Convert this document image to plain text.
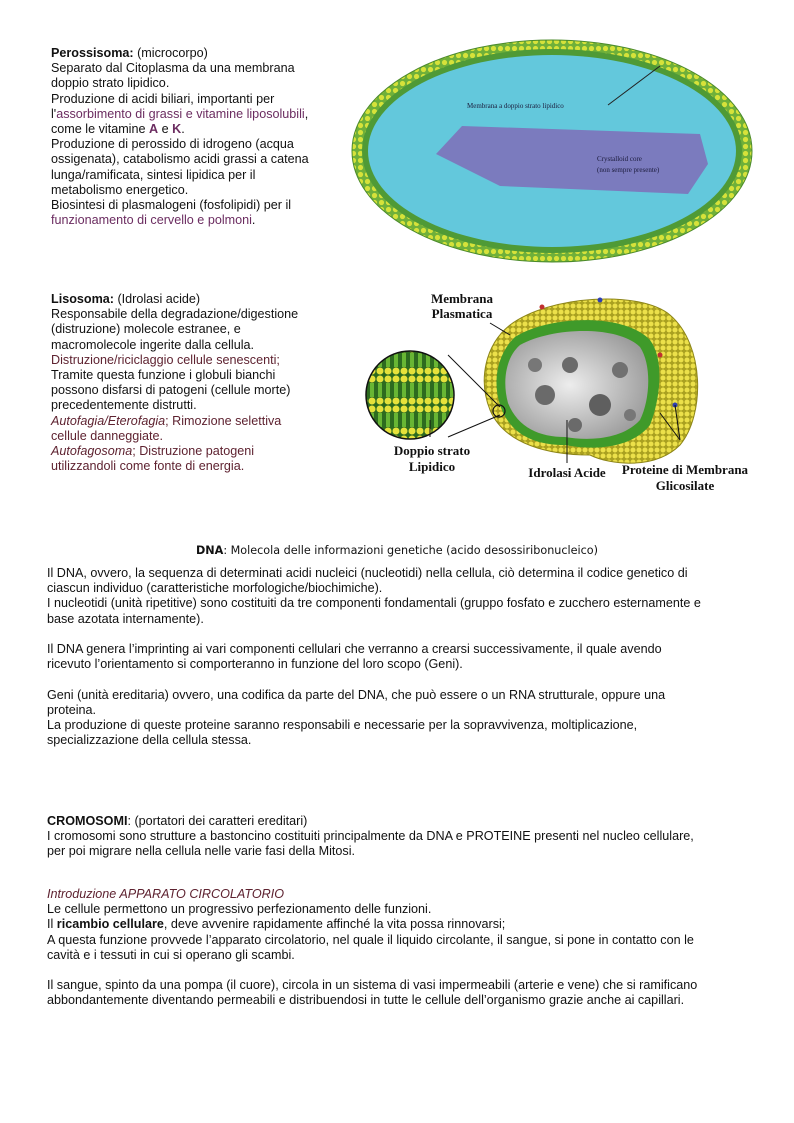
Perossisoma: (microcorpo)

Separato dal Citoplasma da una membrana

doppio strato lipidico.

Produzione di acidi biliari, importanti per

l'assorbimento di grassi e vitamine liposolubili,

come le vitamine A e K.

Produzione di perossido di idrogeno (acqua

ossigenata), catabolismo acidi grassi a catena

lunga/ramificata, sintesi lipidica per il

metabolismo energetico.

Biosintesi di plasmalogeni (fosfolipidi) per il

funzionamento di cervello e polmoni.

Membrana a doppio strato lipidico
Crystalloid core
(non sempre presente)

Lisosoma: (Idrolasi acide)

Responsabile della degradazione/digestione

(distruzione) molecole estranee, e

macromolecole ingerite dalla cellula.

Distruzione/riciclaggio cellule senescenti;

Tramite questa funzione i globuli bianchi

possono disfarsi di patogeni (cellule morte)

precedentemente distrutti.

Autofagia/Eterofagia; Rimozione selettiva

cellule danneggiate.

Autofagosoma; Distruzione patogeni

utilizzandoli come fonte di energia.

Membrana
Plasmatica
Doppio strato
Lipidico	Idrolasi Acide Proteine di Membrana
Glicosilate
DNA: Molecola delle informazioni genetiche (acido desossiribonucleico)

Il DNA, ovvero, la sequenza di determinati acidi nucleici (nucleotidi) nella cellula, ciò determina il codice genetico di

ciascun individuo (caratteristiche morfologiche/biochimiche).

I nucleotidi (unità ripetitive) sono costituiti da tre componenti fondamentali (gruppo fosfato e zucchero esternamente e

base azotata internamente).

Il DNA genera l’imprinting ai vari componenti cellulari che verranno a crearsi successivamente, il quale avendo

ricevuto l’orientamento si comporteranno in funzione del loro scopo (Geni).

Geni (unità ereditaria) ovvero, una codifica da parte del DNA, che può essere o un RNA strutturale, oppure una

proteina.

La produzione di queste proteine saranno responsabili e necessarie per la sopravvivenza, moltiplicazione,

specializzazione della cellula stessa.

CROMOSOMI: (portatori dei caratteri ereditari)

I cromosomi sono strutture a bastoncino costituiti principalmente da DNA e PROTEINE presenti nel nucleo cellulare,

per poi migrare nella cellula nelle varie fasi della Mitosi.

Introduzione APPARATO CIRCOLATORIO

Le cellule permettono un progressivo perfezionamento delle funzioni.

Il ricambio cellulare, deve avvenire rapidamente affinché la vita possa rinnovarsi;

A questa funzione provvede l’apparato circolatorio, nel quale il liquido circolante, il sangue, si pone in contatto con le

cavità e i tessuti in cui si operano gli scambi.

Il sangue, spinto da una pompa (il cuore), circola in un sistema di vasi impermeabili (arterie e vene) che si ramificano

abbondantemente diventando permeabili e distribuendosi in tutte le cellule dell’organismo grazie anche ai capillari.
